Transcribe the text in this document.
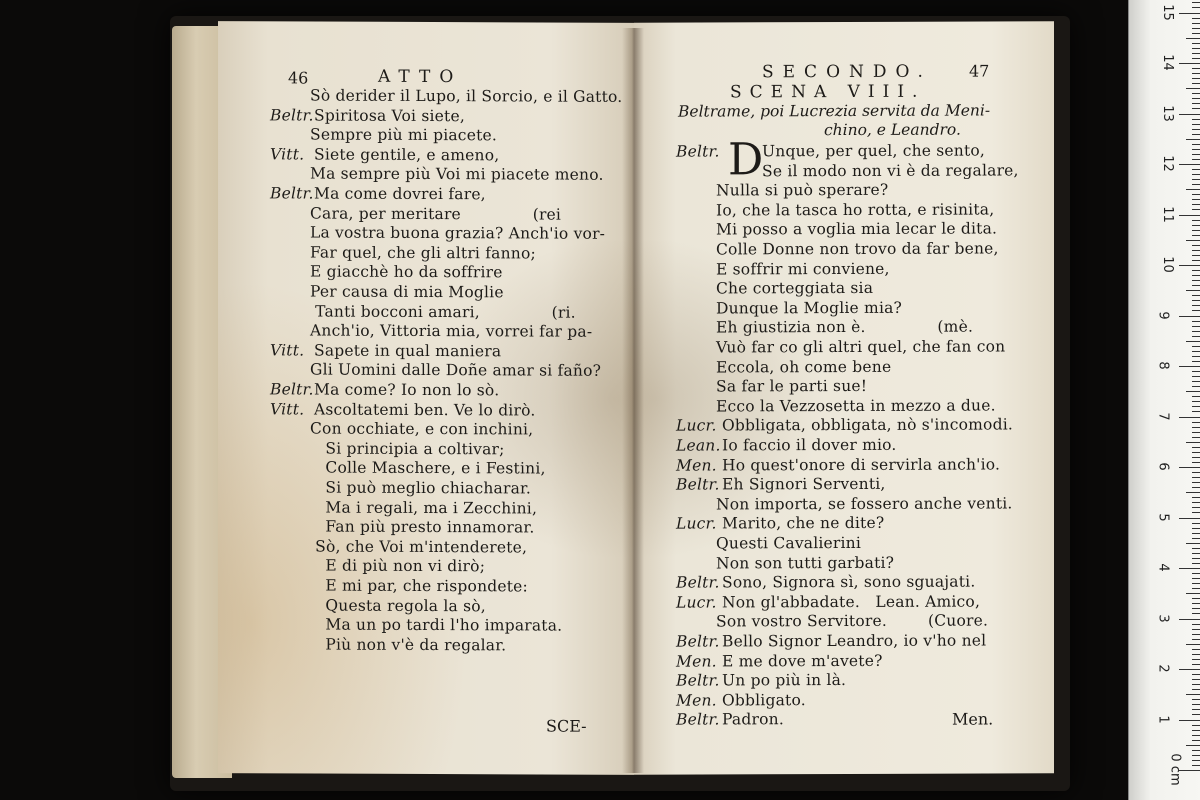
46	ATTO
Sò derider il Lupo, il Sorcio, e il Gatto.
Beltr. Spiritosa Voi siete,
Sempre più mi piacete.
Vitt. Siete gentile, e ameno,
Ma sempre più Voi mi piacete meno.
Beltr. Ma come dovrei fare,
Cara, per meritare              (rei
La vostra buona grazia? Anch'io vor-
Far quel, che gli altri fanno;
E giacchè ho da soffrire
Per causa di mia Moglie
Tanti bocconi amari,              (ri.
Anch'io, Vittoria mia, vorrei far pa-
Vitt. Sapete in qual maniera
Gli Uomini dalle Doñe amar si faño?
Beltr. Ma come? Io non lo sò.
Vitt. Ascoltatemi ben. Ve lo dirò.
Con occhiate, e con inchini,
Si principia a coltivar;
Colle Maschere, e i Festini,
Si può meglio chiacharar.
Ma i regali, ma i Zecchini,
Fan più presto innamorar.
Sò, che Voi m'intenderete,
E di più non vi dirò;
E mi par, che rispondete:
Questa regola la sò,
Ma un po tardi l'ho imparata.
Più non v'è da regalar.
SCE-
SECONDO. 47
SCENA VIII.
Beltrame, poi Lucrezia servita da Meni-
chino, e Leandro.
D
Beltr.	Unque, per quel, che sento,
Se il modo non vi è da regalare,
Nulla si può sperare?
Io, che la tasca ho rotta, e risinita,
Mi posso a voglia mia lecar le dita.
Colle Donne non trovo da far bene,
E soffrir mi conviene,
Che corteggiata sia
Dunque la Moglie mia?
Eh giustizia non è.              (mè.
Vuò far co gli altri quel, che fan con
Eccola, oh come bene
Sa far le parti sue!
Ecco la Vezzosetta in mezzo a due.
Lucr. Obbligata, obbligata, nò s'incomodi.
Lean. Io faccio il dover mio.
Men. Ho quest'onore di servirla anch'io.
Beltr. Eh Signori Serventi,
Non importa, se fossero anche venti.
Lucr. Marito, che ne dite?
Questi Cavalierini
Non son tutti garbati?
Beltr. Sono, Signora sì, sono sguajati.
Lucr. Non gl'abbadate.   Lean. Amico,
Son vostro Servitore.        (Cuore.
Beltr. Bello Signor Leandro, io v'ho nel
Men. E me dove m'avete?
Beltr. Un po più in là.
Men. Obbligato.
Beltr. Padron.	Men.
15
14
13
12
11
10
9
8
7
6
5
4
3
2
1
0 cm
